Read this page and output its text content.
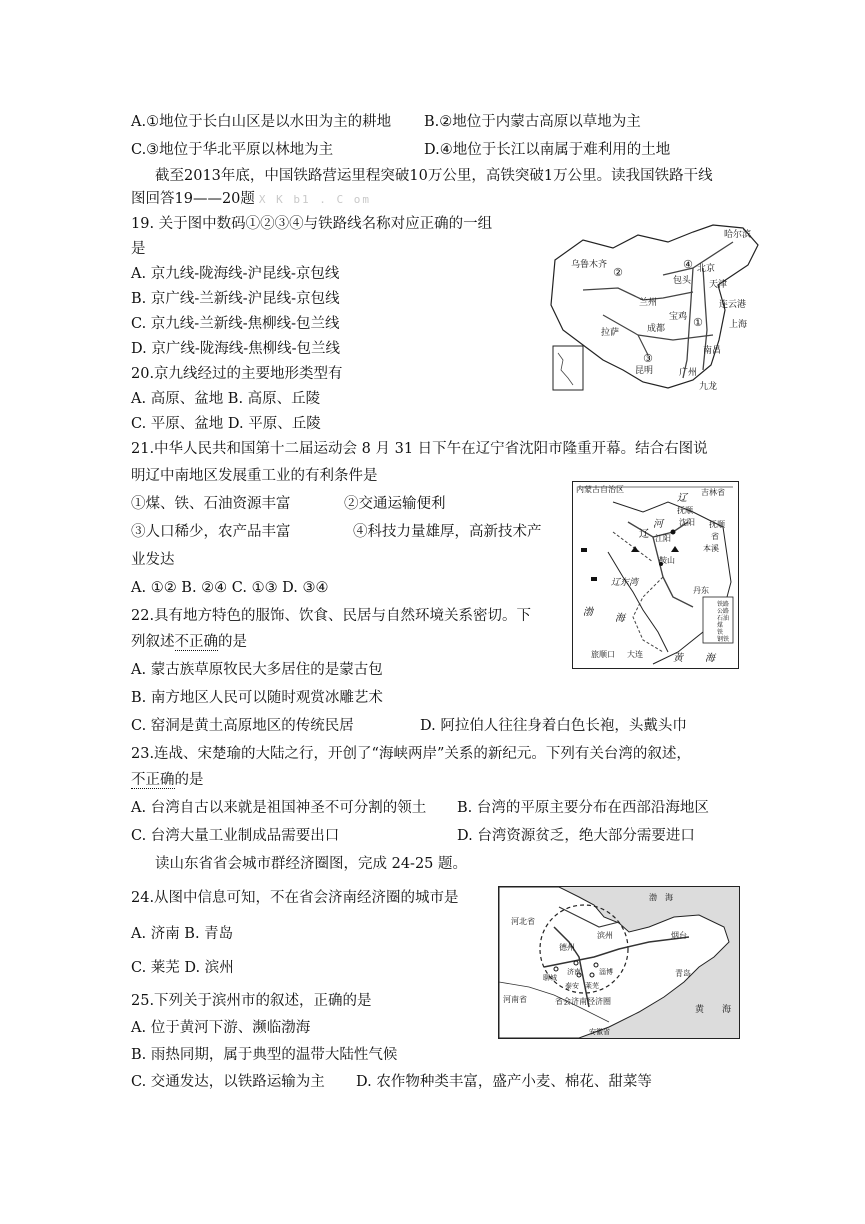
A.①地位于长白山区是以水田为主的耕地 B.②地位于内蒙古高原以草地为主
C.③地位于华北平原以林地为主	D.④地位于长江以南属于难利用的土地
截至2013年底，中国铁路营运里程突破10万公里，高铁突破1万公里。读我国铁路干线
图回答19——20题 X K b1 . C om
19. 关于图中数码①②③④与铁路线名称对应正确的一组
是
A. 京九线-陇海线-沪昆线-京包线
B. 京广线-兰新线-沪昆线-京包线
C. 京九线-兰新线-焦柳线-包兰线
D. 京广线-陇海线-焦柳线-包兰线
20.京九线经过的主要地形类型有
A. 高原、盆地 B. 高原、丘陵
C. 平原、盆地 D. 平原、丘陵
哈尔滨
乌鲁木齐
②
④ 北京
包头 天津
兰州
宝鸡
连云港
①
拉萨	成都	上海
③
昆明
南昌
广州
九龙
21.中华人民共和国第十二届运动会 8 月 31 日下午在辽宁省沈阳市隆重开幕。结合右图说
明辽中南地区发展重工业的有利条件是
①煤、铁、石油资源丰富	②交通运输便利
③人口稀少，农产品丰富	④科技力量雄厚，高新技术产
业发达
A. ①② B. ②④ C. ①③ D. ③④
内蒙古自治区	吉林省
辽
抚顺
河 沈阳
辽 江阳
抚顺
省
本溪
鞍山
辽东湾
丹东
渤
海
旅顺口 大连	黄 海
铁路
公路
石油
煤
铁
钢铁
22.具有地方特色的服饰、饮食、民居与自然环境关系密切。下
列叙述不正确的是
A. 蒙古族草原牧民大多居住的是蒙古包
B. 南方地区人民可以随时观赏冰雕艺术
C. 窑洞是黄土高原地区的传统民居	D. 阿拉伯人往往身着白色长袍，头戴头巾
23.连战、宋楚瑜的大陆之行，开创了“海峡两岸”关系的新纪元。下列有关台湾的叙述，
不正确的是
A. 台湾自古以来就是祖国神圣不可分割的领土 B. 台湾的平原主要分布在西部沿海地区
C. 台湾大量工业制成品需要出口	D. 台湾资源贫乏，绝大部分需要进口
读山东省省会城市群经济圈图，完成 24-25 题。
24.从图中信息可知，不在省会济南经济圈的城市是
A. 济南 B. 青岛
C. 莱芜 D. 滨州
渤　海
河北省
滨州
德州
烟台
济南	淄博
聊城
泰安 莱芜
青岛
河南省	省会济南经济圈
黄　　海
安徽省
25.下列关于滨州市的叙述，正确的是
A. 位于黄河下游、濒临渤海
B. 雨热同期，属于典型的温带大陆性气候
C. 交通发达，以铁路运输为主 D. 农作物种类丰富，盛产小麦、棉花、甜菜等
